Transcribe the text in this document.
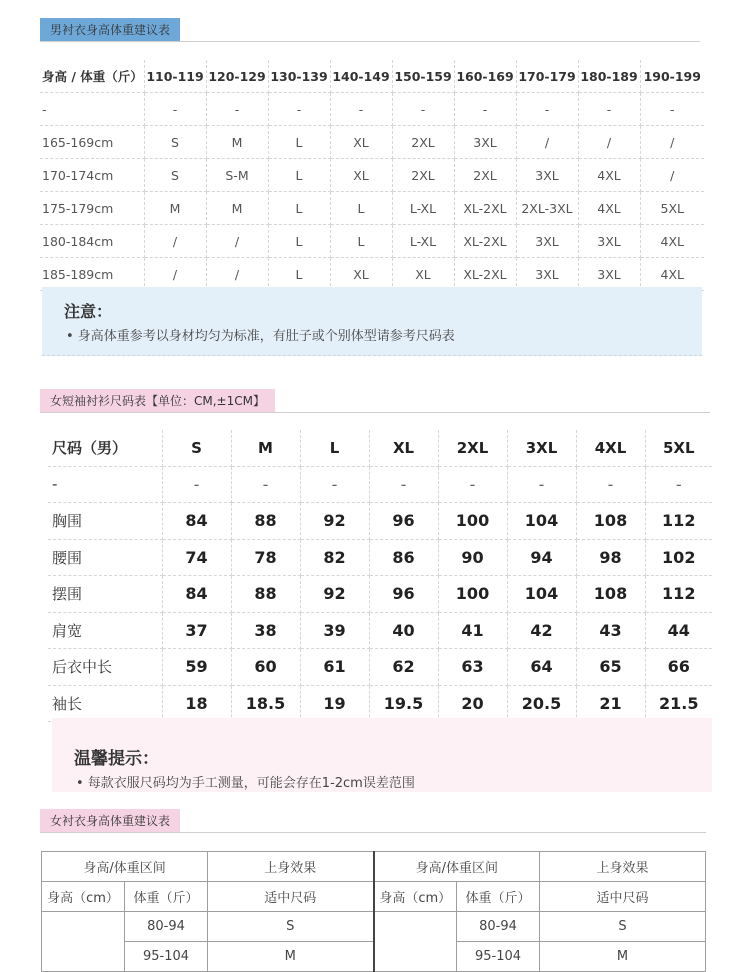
男衬衣身高体重建议表
身高 / 体重（斤）	110-119	120-129	130-139	140-149	150-159	160-169	170-179	180-189	190-199
-	-	-	-	-	-	-	-	-	-
165-169cm	S	M	L	XL	2XL	3XL	/	/	/
170-174cm	S	S-M	L	XL	2XL	2XL	3XL	4XL	/
175-179cm	M	M	L	L	L-XL	XL-2XL	2XL-3XL	4XL	5XL
180-184cm	/	/	L	L	L-XL	XL-2XL	3XL	3XL	4XL
185-189cm	/	/	L	XL	XL	XL-2XL	3XL	3XL	4XL
注意：
• 身高体重参考以身材均匀为标准，有肚子或个别体型请参考尺码表
女短袖衬衫尺码表【单位：CM,±1CM】
尺码（男）	S	M	L	XL	2XL	3XL	4XL	5XL
-	-	-	-	-	-	-	-	-
胸围	84	88	92	96	100	104	108	112
腰围	74	78	82	86	90	94	98	102
摆围	84	88	92	96	100	104	108	112
肩宽	37	38	39	40	41	42	43	44
后衣中长	59	60	61	62	63	64	65	66
袖长	18	18.5	19	19.5	20	20.5	21	21.5
温馨提示：
• 每款衣服尺码均为手工测量，可能会存在1-2cm误差范围
女衬衣身高体重建议表
身高/体重区间		上身效果	身高/体重区间		上身效果
身高（cm）	体重（斤）	适中尺码	身高（cm）	体重（斤）	适中尺码
	80-94	S		80-94	S
	95-104	M		95-104	M
